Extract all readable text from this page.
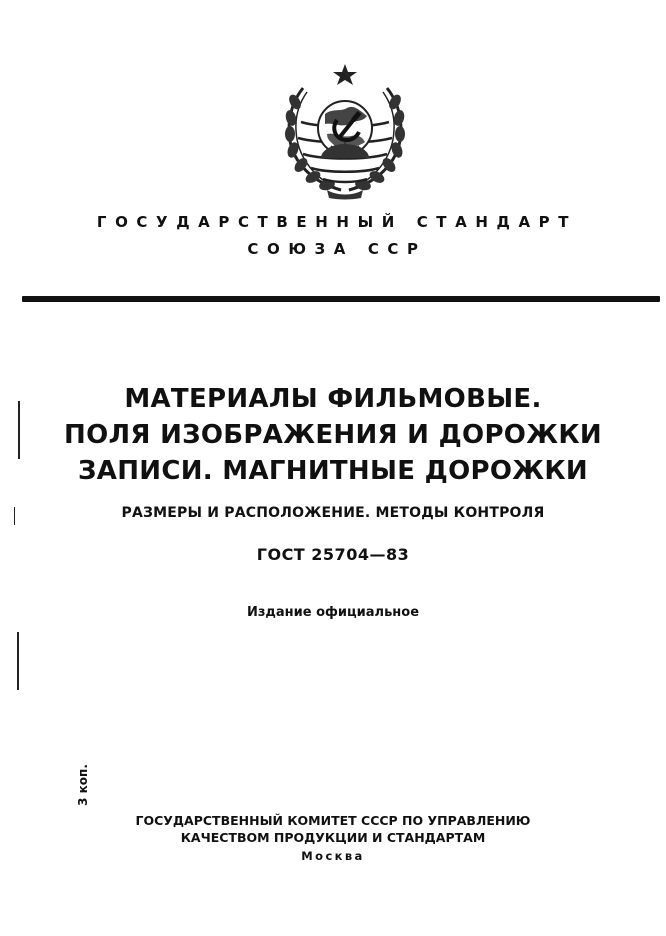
ГОСУДАРСТВЕННЫЙ СТАНДАРТ
СОЮЗА ССР
МАТЕРИАЛЫ ФИЛЬМОВЫЕ.
ПОЛЯ ИЗОБРАЖЕНИЯ И ДОРОЖКИ
ЗАПИСИ. МАГНИТНЫЕ ДОРОЖКИ
РАЗМЕРЫ И РАСПОЛОЖЕНИЕ. МЕТОДЫ КОНТРОЛЯ
ГОСТ 25704—83
Издание официальное
3 коп.
ГОСУДАРСТВЕННЫЙ КОМИТЕТ СССР ПО УПРАВЛЕНИЮ
КАЧЕСТВОМ ПРОДУКЦИИ И СТАНДАРТАМ
Москва
